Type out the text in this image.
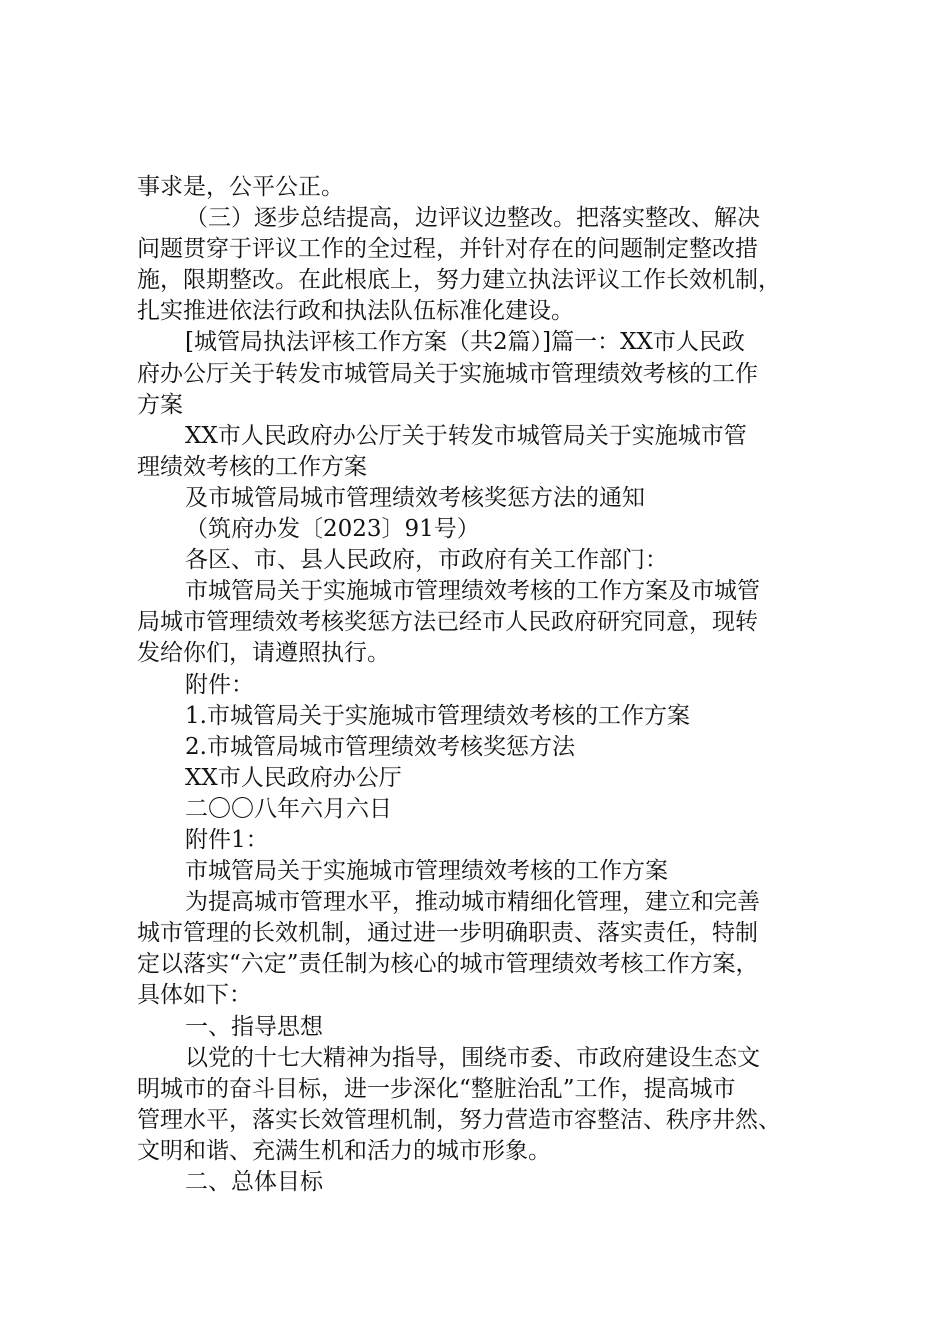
事求是，公平公正。
（三）逐步总结提高，边评议边整改。把落实整改、解决
问题贯穿于评议工作的全过程，并针对存在的问题制定整改措
施，限期整改。在此根底上，努力建立执法评议工作长效机制，
扎实推进依法行政和执法队伍标准化建设。
[城管局执法评核工作方案（共2篇）]篇一：XX市人民政
府办公厅关于转发市城管局关于实施城市管理绩效考核的工作
方案
XX市人民政府办公厅关于转发市城管局关于实施城市管
理绩效考核的工作方案
及市城管局城市管理绩效考核奖惩方法的通知
（筑府办发〔2023〕91号）
各区、市、县人民政府，市政府有关工作部门：
市城管局关于实施城市管理绩效考核的工作方案及市城管
局城市管理绩效考核奖惩方法已经市人民政府研究同意，现转
发给你们，请遵照执行。
附件：
1.市城管局关于实施城市管理绩效考核的工作方案
2.市城管局城市管理绩效考核奖惩方法
XX市人民政府办公厅
二〇〇八年六月六日
附件1：
市城管局关于实施城市管理绩效考核的工作方案
为提高城市管理水平，推动城市精细化管理，建立和完善
城市管理的长效机制，通过进一步明确职责、落实责任，特制
定以落实“六定”责任制为核心的城市管理绩效考核工作方案，
具体如下：
一、指导思想
以党的十七大精神为指导，围绕市委、市政府建设生态文
明城市的奋斗目标，进一步深化“整脏治乱”工作，提高城市
管理水平，落实长效管理机制，努力营造市容整洁、秩序井然、
文明和谐、充满生机和活力的城市形象。
二、总体目标
